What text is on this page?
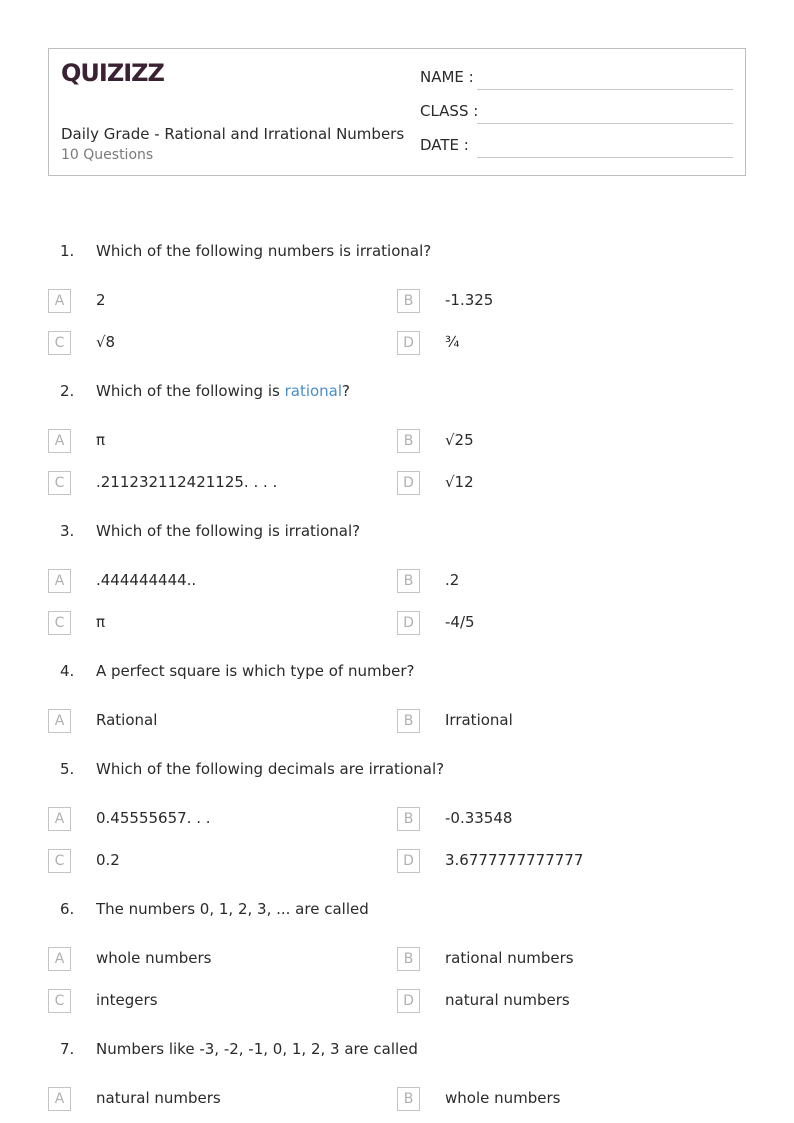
QUIZIZZ
Daily Grade - Rational and Irrational Numbers
10 Questions
NAME :
CLASS :
DATE :
1. Which of the following numbers is irrational?
A	2	B	-1.325
C	√8	D	¾
2. Which of the following is rational?
A	π	B	√25
C	.211232112421125. . . .	D	√12
3. Which of the following is irrational?
A	.444444444..	B	.2
C	π	D	-4/5
4. A perfect square is which type of number?
A	Rational	B	Irrational
5. Which of the following decimals are irrational?
A	0.45555657. . .	B	-0.33548
C	0.2	D	3.6777777777777
6. The numbers 0, 1, 2, 3, ... are called
A	whole numbers	B	rational numbers
C	integers	D	natural numbers
7. Numbers like -3, -2, -1, 0, 1, 2, 3 are called
A	natural numbers	B	whole numbers
